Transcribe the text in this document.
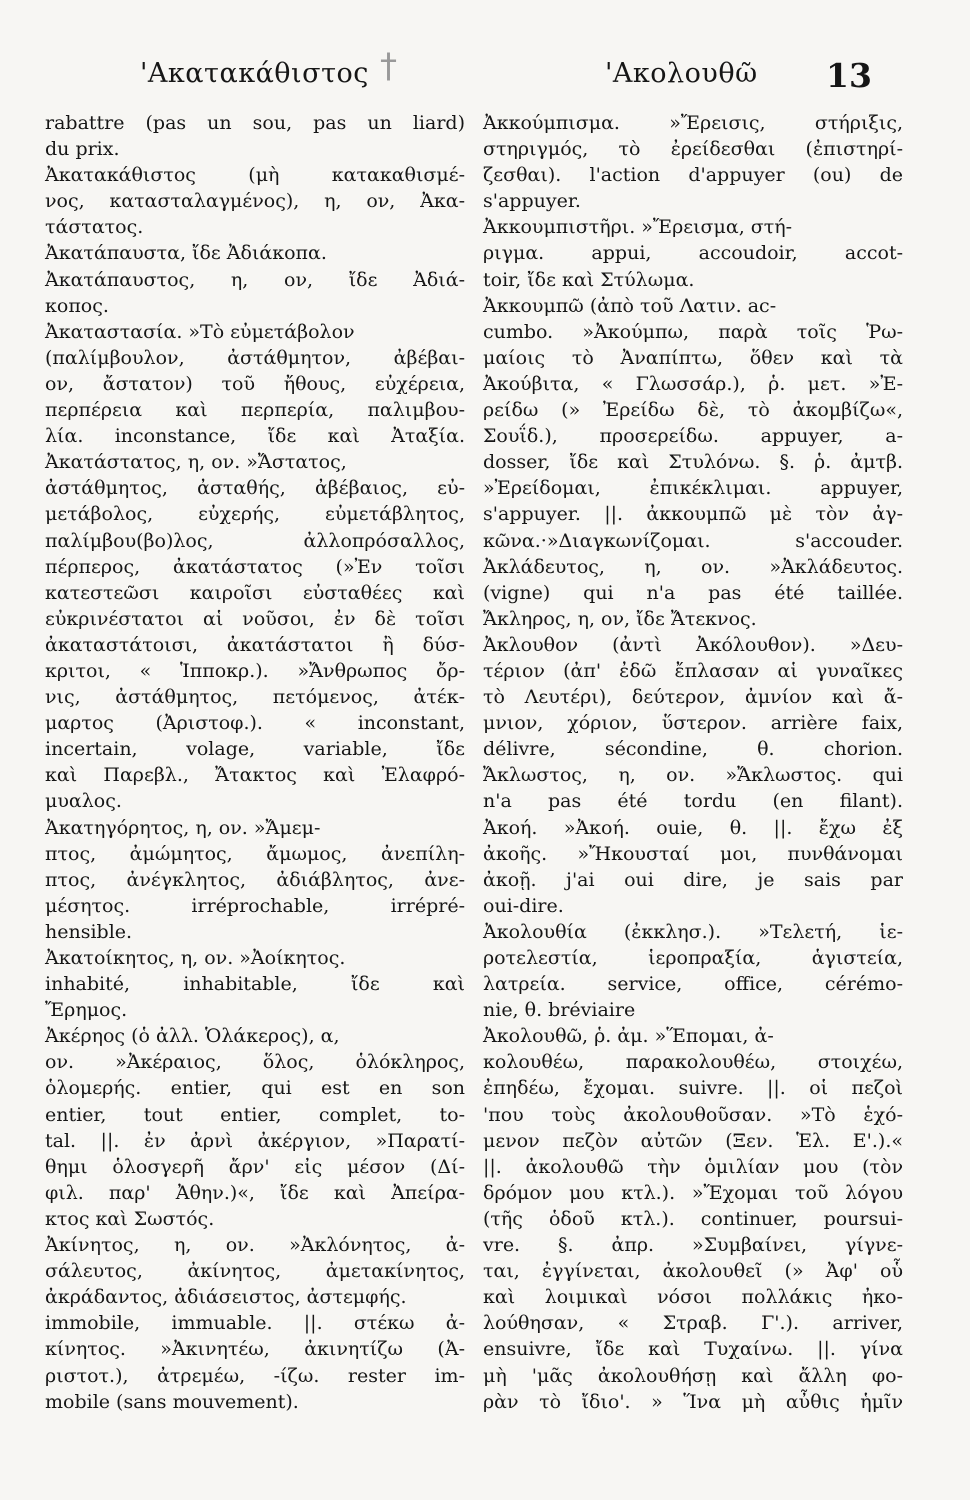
'Ακατακάθιστος †	'Ακολουθῶ 13
rabattre (pas un sou, pas un liard)
du prix.
Ἀκατακάθιστος (μὴ κατακαθισμέ-
νος, κατασταλαγμένος), η, ον, Ἀκα-
τάστατος.
Ἀκατάπαυστα, ἴδε Ἀδιάκοπα.
Ἀκατάπαυστος, η, ον, ἴδε Ἀδιά-
κοπος.
Ἀκαταστασία. »Τὸ εὐμετάβολον
(παλίμβουλον, ἀστάθμητον, ἀβέβαι-
ον, ἄστατον) τοῦ ἤθους, εὐχέρεια,
περπέρεια καὶ περπερία, παλιμβου-
λία. inconstance, ἴδε καὶ Ἀταξία.
Ἀκατάστατος, η, ον. »Ἄστατος,
ἀστάθμητος, ἀσταθής, ἀβέβαιος, εὐ-
μετάβολος, εὐχερής, εὐμετάβλητος,
παλίμβου(βο)λος, ἀλλοπρόσαλλος,
πέρπερος, ἀκατάστατος (»Ἐν τοῖσι
κατεστεῶσι καιροῖσι εὐσταθέες καὶ
εὐκρινέστατοι αἱ νοῦσοι, ἐν δὲ τοῖσι
ἀκαταστάτοισι, ἀκατάστατοι ἢ δύσ-
κριτοι, « Ἱπποκρ.). »Ἄνθρωπος ὄρ-
νις, ἀστάθμητος, πετόμενος, ἀτέκ-
μαρτος (Ἀριστοφ.). « inconstant,
incertain, volage, variable, ἴδε
καὶ Παρεβλ., Ἄτακτος καὶ Ἐλαφρό-
μυαλος.
Ἀκατηγόρητος, η, ον. »Ἄμεμ-
πτος, ἀμώμητος, ἄμωμος, ἀνεπίλη-
πτος, ἀνέγκλητος, ἀδιάβλητος, ἀνε-
μέσητος. irréprochable, irrépré-
hensible.
Ἀκατοίκητος, η, ον. »Ἀοίκητος.
inhabité, inhabitable, ἴδε καὶ
Ἔρημος.
Ἀκέρηος (ὁ ἀλλ. Ὁλάκερος), α,
ον. »Ἀκέραιος, ὅλος, ὁλόκληρος,
ὁλομερής. entier, qui est en son
entier, tout entier, complet, to-
tal. ||. ἐν ἀρνὶ ἀκέργιον, »Παρατί-
θημι ὁλοσγερῆ ἄρν' εἰς μέσον (Δί-
φιλ. παρ' Ἀθην.)«, ἴδε καὶ Ἀπείρα-
κτος καὶ Σωστός.
Ἀκίνητος, η, ον. »Ἀκλόνητος, ἀ-
σάλευτος, ἀκίνητος, ἀμετακίνητος,
ἀκράδαντος, ἀδιάσειστος, ἀστεμφής.
immobile, immuable. ||. στέκω ἀ-
κίνητος. »Ἀκινητέω, ἀκινητίζω (Ἀ-
ριστοτ.), ἀτρεμέω, -ίζω. rester im-
mobile (sans mouvement).
Ἀκκούμπισμα. »Ἔρεισις, στήριξις,
στηριγμός, τὸ ἐρείδεσθαι (ἐπιστηρί-
ζεσθαι). l'action d'appuyer (ou) de
s'appuyer.
Ἀκκουμπιστῆρι. »Ἔρεισμα, στή-
ριγμα. appui, accoudoir, accot-
toir, ἴδε καὶ Στύλωμα.
Ἀκκουμπῶ (ἀπὸ τοῦ Λατιν. ac-
cumbo. »Ἀκούμπω, παρὰ τοῖς Ῥω-
μαίοις τὸ Ἀναπίπτω, ὅθεν καὶ τὰ
Ἀκούβιτα, « Γλωσσάρ.), ῥ. μετ. »Ἐ-
ρείδω (» Ἐρείδω δὲ, τὸ ἀκομβίζω«,
Σουΐδ.), προσερείδω. appuyer, a-
dosser, ἴδε καὶ Στυλόνω. §. ῥ. ἀμτβ.
»Ἐρείδομαι, ἐπικέκλιμαι. appuyer,
s'appuyer. ||. ἀκκουμπῶ μὲ τὸν ἀγ-
κῶνα.·»Διαγκωνίζομαι. s'accouder.
Ἀκλάδευτος, η, ον. »Ἀκλάδευτος.
(vigne) qui n'a pas été taillée.
Ἄκληρος, η, ον, ἴδε Ἄτεκνος.
Ἀκλουθον (ἀντὶ Ἀκόλουθον). »Δευ-
τέριον (ἀπ' ἐδῶ ἔπλασαν αἱ γυναῖκες
τὸ Λευτέρι), δεύτερον, ἀμνίον καὶ ἄ-
μνιον, χόριον, ὕστερον. arrière faix,
délivre, sécondine, θ. chorion.
Ἄκλωστος, η, ον. »Ἄκλωστος. qui
n'a pas été tordu (en filant).
Ἀκοή. »Ἀκοή. ouie, θ. ||. ἔχω ἐξ
ἀκοῆς. »Ἤκουσταί μοι, πυνθάνομαι
ἀκοῇ. j'ai oui dire, je sais par
oui-dire.
Ἀκολουθία (ἐκκλησ.). »Τελετή, ἱε-
ροτελεστία, ἱεροπραξία, ἁγιστεία,
λατρεία. service, office, cérémo-
nie, θ. bréviaire
Ἀκολουθῶ, ῥ. ἀμ. »Ἕπομαι, ἀ-
κολουθέω, παρακολουθέω, στοιχέω,
ἐπηδέω, ἔχομαι. suivre. ||. οἱ πεζοὶ
'που τοὺς ἀκολουθοῦσαν. »Τὸ ἑχό-
μενον πεζὸν αὐτῶν (Ξεν. Ἑλ. Ε'.).«
||. ἀκολουθῶ τὴν ὁμιλίαν μου (τὸν
δρόμον μου κτλ.). »Ἔχομαι τοῦ λόγου
(τῆς ὁδοῦ κτλ.). continuer, poursui-
vre. §. ἀπρ. »Συμβαίνει, γίγνε-
ται, ἐγγίνεται, ἀκολουθεῖ (» Ἀφ' οὗ
καὶ λοιμικαὶ νόσοι πολλάκις ἠκο-
λούθησαν, « Στραβ. Γ'.). arriver,
ensuivre, ἴδε καὶ Τυχαίνω. ||. γίνα
μὴ 'μᾶς ἀκολουθήσῃ καὶ ἄλλη φο-
ρὰν τὸ ἴδιο'. » Ἵνα μὴ αὖθις ἡμῖν
